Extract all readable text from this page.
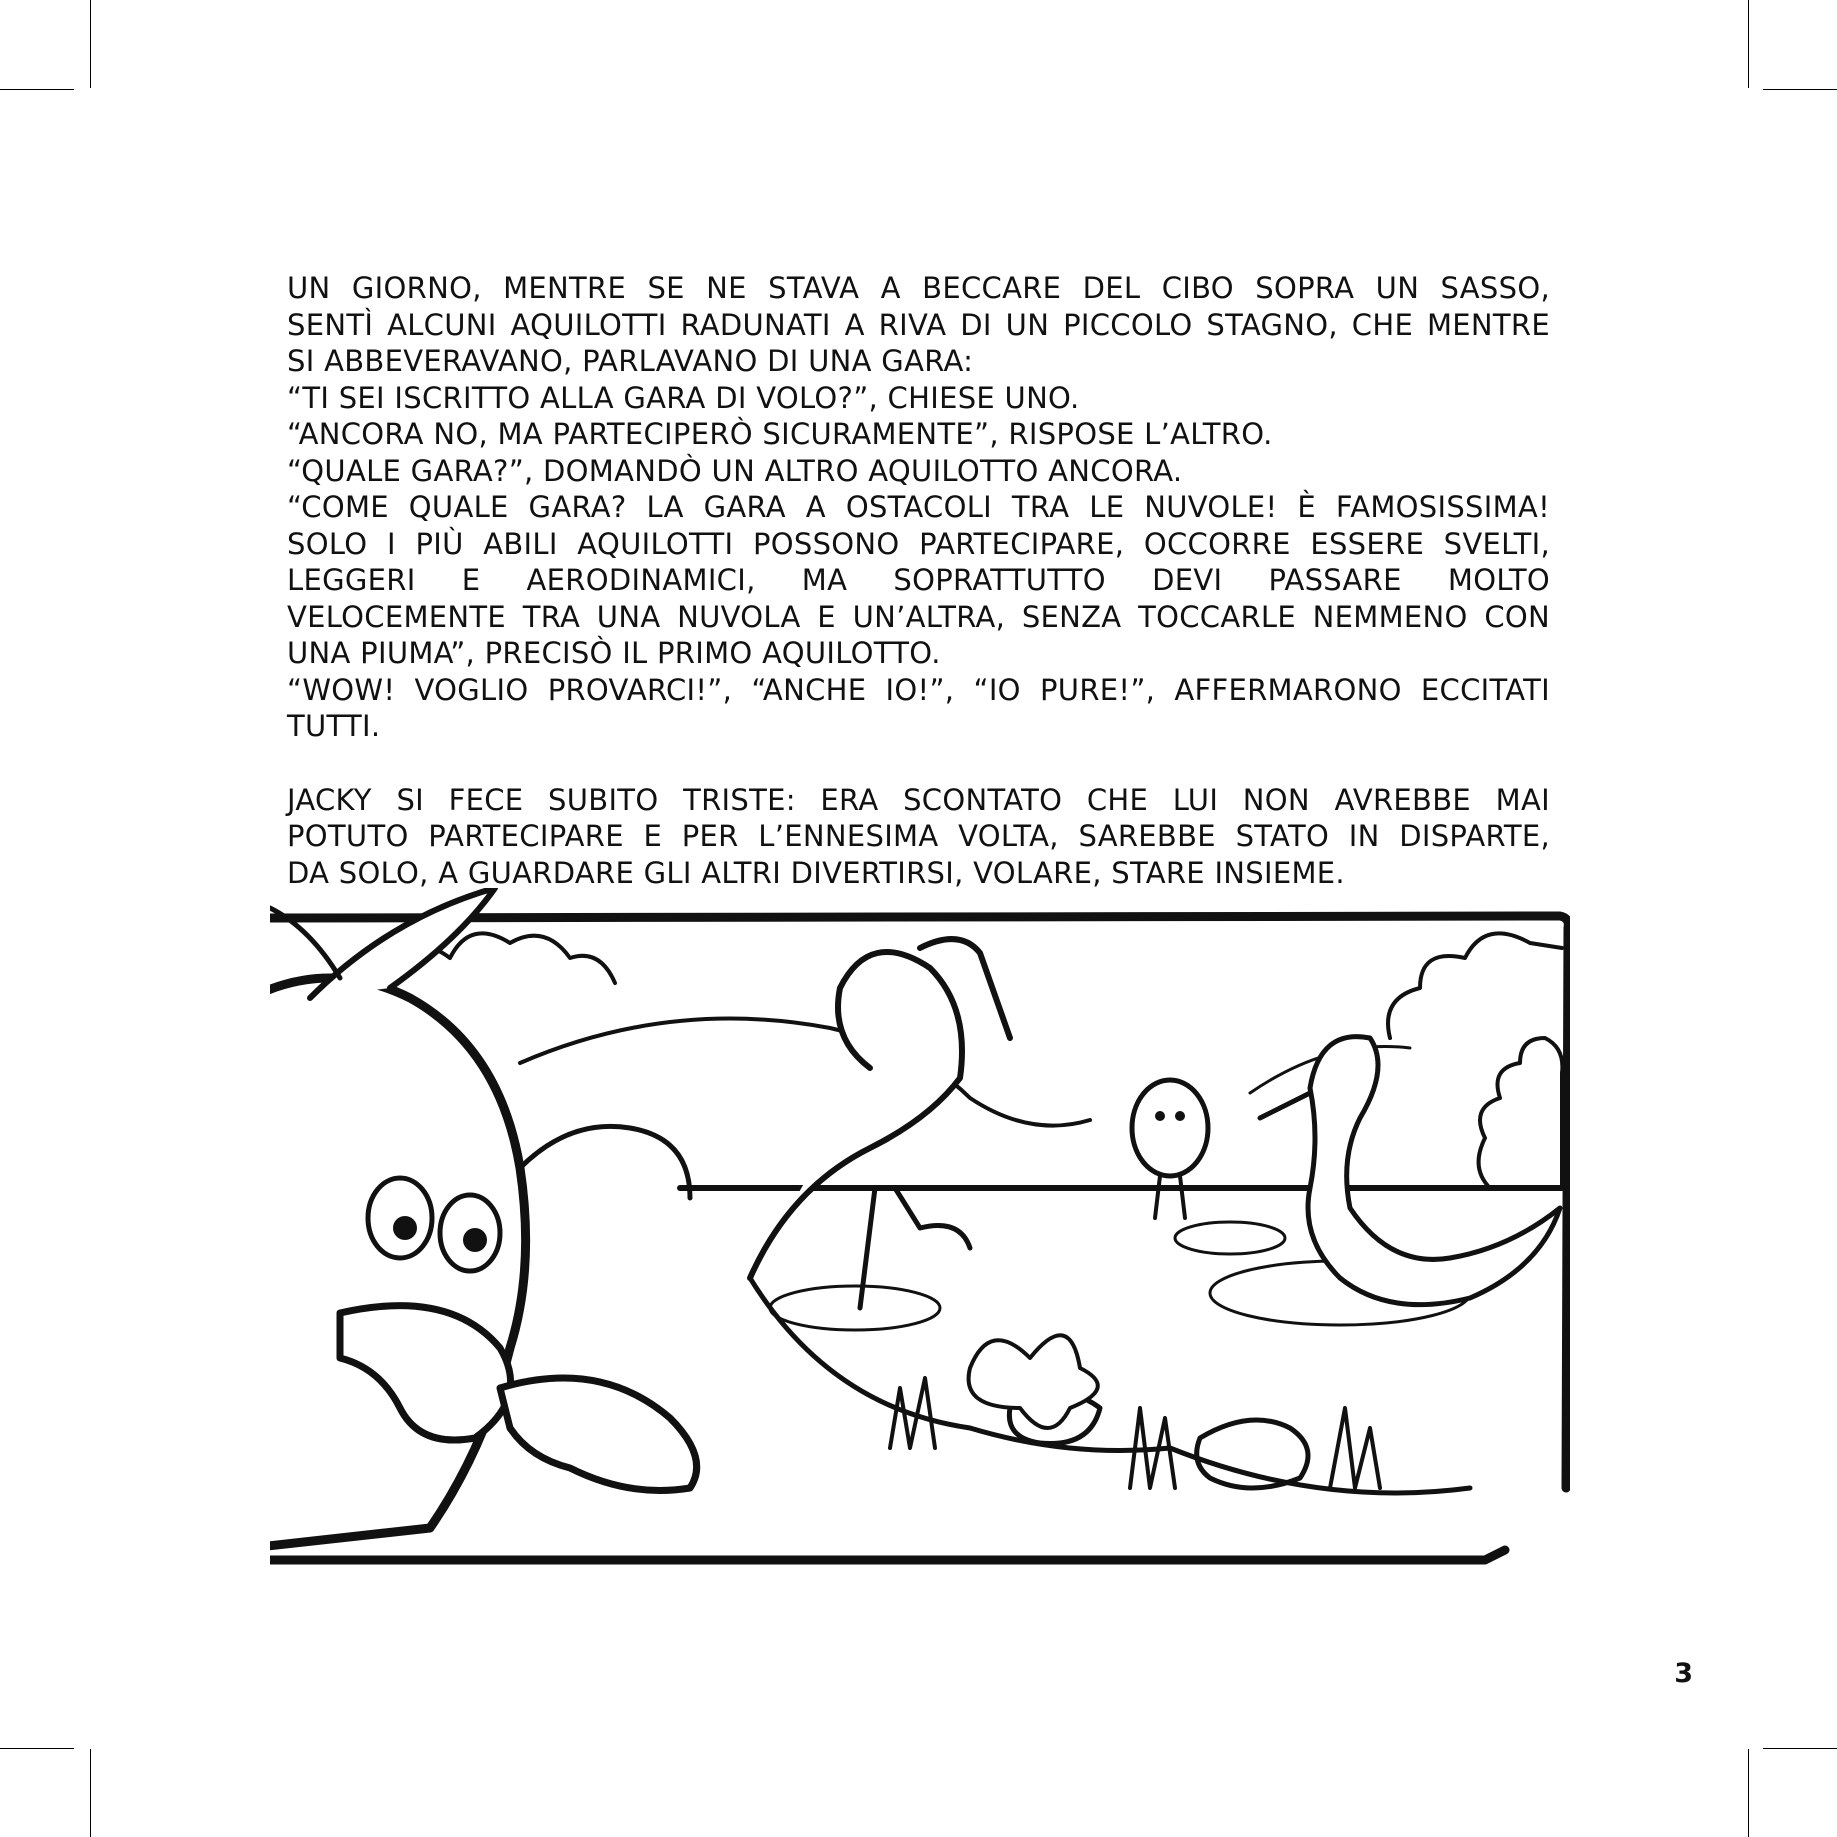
UN GIORNO, MENTRE SE NE STAVA A BECCARE DEL CIBO SOPRA UN SASSO,

SENTÌ ALCUNI AQUILOTTI RADUNATI A RIVA DI UN PICCOLO STAGNO, CHE MENTRE

SI ABBEVERAVANO, PARLAVANO DI UNA GARA:

“TI SEI ISCRITTO ALLA GARA DI VOLO?”, CHIESE UNO.

“ANCORA NO, MA PARTECIPERÒ SICURAMENTE”, RISPOSE L’ALTRO.

“QUALE GARA?”, DOMANDÒ UN ALTRO AQUILOTTO ANCORA.

“COME QUALE GARA? LA GARA A OSTACOLI TRA LE NUVOLE! È FAMOSISSIMA!

SOLO I PIÙ ABILI AQUILOTTI POSSONO PARTECIPARE, OCCORRE ESSERE SVELTI,

LEGGERI E AERODINAMICI, MA SOPRATTUTTO DEVI PASSARE MOLTO

VELOCEMENTE TRA UNA NUVOLA E UN’ALTRA, SENZA TOCCARLE NEMMENO CON

UNA PIUMA”, PRECISÒ IL PRIMO AQUILOTTO.

“WOW! VOGLIO PROVARCI!”, “ANCHE IO!”, “IO PURE!”, AFFERMARONO ECCITATI

TUTTI.

JACKY SI FECE SUBITO TRISTE: ERA SCONTATO CHE LUI NON AVREBBE MAI

POTUTO PARTECIPARE E PER L’ENNESIMA VOLTA, SAREBBE STATO IN DISPARTE,

DA SOLO, A GUARDARE GLI ALTRI DIVERTIRSI, VOLARE, STARE INSIEME.

3
